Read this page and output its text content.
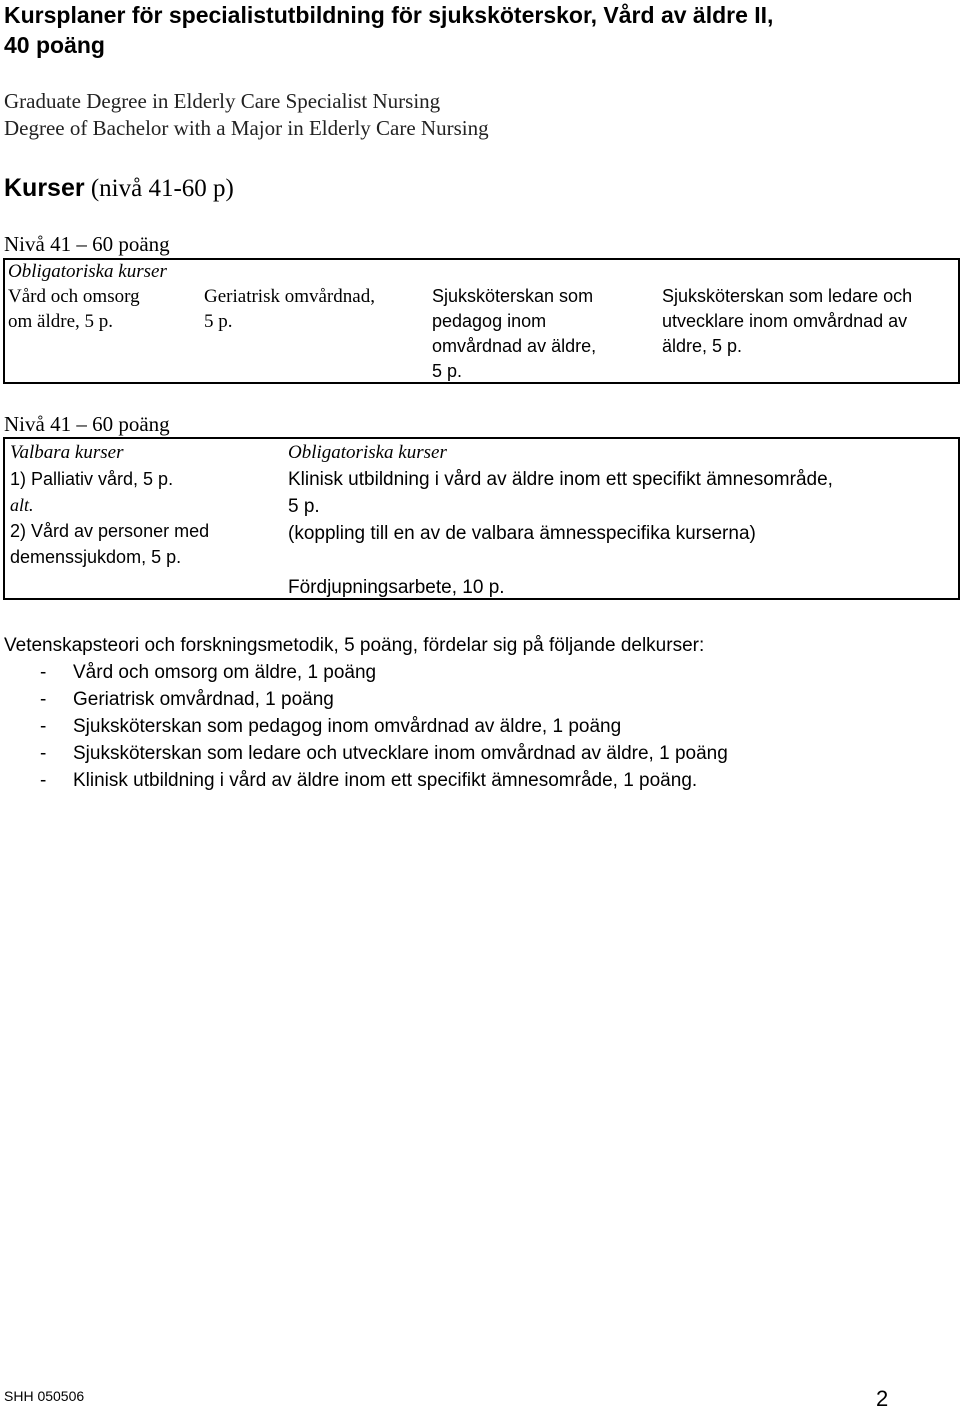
Kursplaner för specialistutbildning för sjuksköterskor, Vård av äldre II,
40 poäng
Graduate Degree in Elderly Care Specialist Nursing
Degree of Bachelor with a Major in Elderly Care Nursing
Kurser (nivå 41-60 p)
Nivå 41 – 60 poäng
Obligatoriska kurser
Vård och omsorg
om äldre, 5 p.
Geriatrisk omvårdnad,
5 p.
Sjuksköterskan som
pedagog inom
omvårdnad av äldre,
5 p.
Sjuksköterskan som ledare och
utvecklare inom omvårdnad av
äldre, 5 p.
Nivå 41 – 60 poäng
Valbara kurser
1) Palliativ vård, 5 p.
alt.
2) Vård av personer med
demenssjukdom, 5 p.
Obligatoriska kurser
Klinisk utbildning i vård av äldre inom ett specifikt ämnesområde,
5 p.
(koppling till en av de valbara ämnesspecifika kurserna)
Fördjupningsarbete, 10 p.
Vetenskapsteori och forskningsmetodik, 5 poäng, fördelar sig på följande delkurser:
- Vård och omsorg om äldre, 1 poäng
- Geriatrisk omvårdnad, 1 poäng
- Sjuksköterskan som pedagog inom omvårdnad av äldre, 1 poäng
- Sjuksköterskan som ledare och utvecklare inom omvårdnad av äldre, 1 poäng
- Klinisk utbildning i vård av äldre inom ett specifikt ämnesområde, 1 poäng.
SHH 050506	2
